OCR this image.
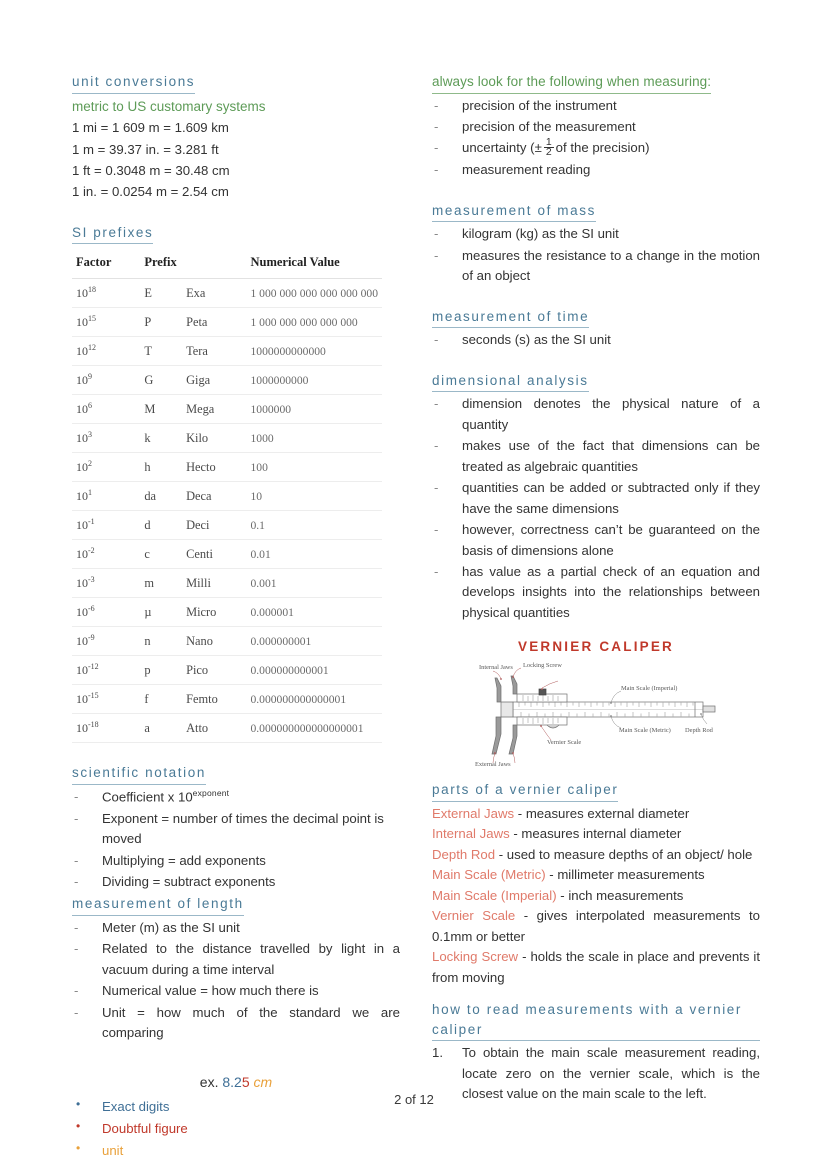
unit conversions
metric to US customary systems
1 mi = 1 609 m = 1.609 km
1 m = 39.37 in. = 3.281 ft
1 ft = 0.3048 m = 30.48 cm
1 in. = 0.0254 m = 2.54 cm
SI prefixes
Factor	Prefix		Numerical Value
$10^{18}$	E	Exa	1 000 000 000 000 000 000
$10^{15}$	P	Peta	1 000 000 000 000 000
$10^{12}$	T	Tera	1000000000000
$10^9$	G	Giga	1000000000
$10^6$	M	Mega	1000000
$10^3$	k	Kilo	1000
$10^2$	h	Hecto	100
$10^1$	da	Deca	10
$10^{-1}$	d	Deci	0.1
$10^{-2}$	c	Centi	0.01
$10^{-3}$	m	Milli	0.001
$10^{-6}$	µ	Micro	0.000001
$10^{-9}$	n	Nano	0.000000001
$10^{-12}$	p	Pico	0.000000000001
$10^{-15}$	f	Femto	0.000000000000001
$10^{-18}$	a	Atto	0.000000000000000001
scientific notation
- Coefficient x $10^{exponent}$
- Exponent = number of times the decimal point is moved
- Multiplying = add exponents
- Dividing = subtract exponents
measurement of length
- Meter (m) as the SI unit
- Related to the distance travelled by light in a vacuum during a time interval
- Numerical value = how much there is
- Unit = how much of the standard we are comparing
ex. 8.25 cm
• Exact digits
• Doubtful figure
• unit
always look for the following when measuring:
- precision of the instrument
- precision of the measurement
- uncertainty (± $\frac{1}{2}$ of the precision)
- measurement reading
measurement of mass
- kilogram (kg) as the SI unit
- measures the resistance to a change in the motion of an object
measurement of time
- seconds (s) as the SI unit
dimensional analysis
- dimension denotes the physical nature of a quantity
- makes use of the fact that dimensions can be treated as algebraic quantities
- quantities can be added or subtracted only if they have the same dimensions
- however, correctness can’t be guaranteed on the basis of dimensions alone
- has value as a partial check of an equation and develops insights into the relationships between physical quantities
VERNIER CALIPER
Internal Jaws Locking Screw
Main Scale (Imperial)
Main Scale (Metric) Depth Rod
Vernier Scale
External Jaws
parts of a vernier caliper
External Jaws - measures external diameter
Internal Jaws - measures internal diameter
Depth Rod - used to measure depths of an object/ hole
Main Scale (Metric) - millimeter measurements
Main Scale (Imperial) - inch measurements
Vernier Scale - gives interpolated measurements to 0.1mm or better
Locking Screw - holds the scale in place and prevents it from moving
how to read measurements with a vernier caliper
To obtain the main scale measurement reading, locate zero on the vernier scale, which is the closest value on the main scale to the left.
2 of 12
